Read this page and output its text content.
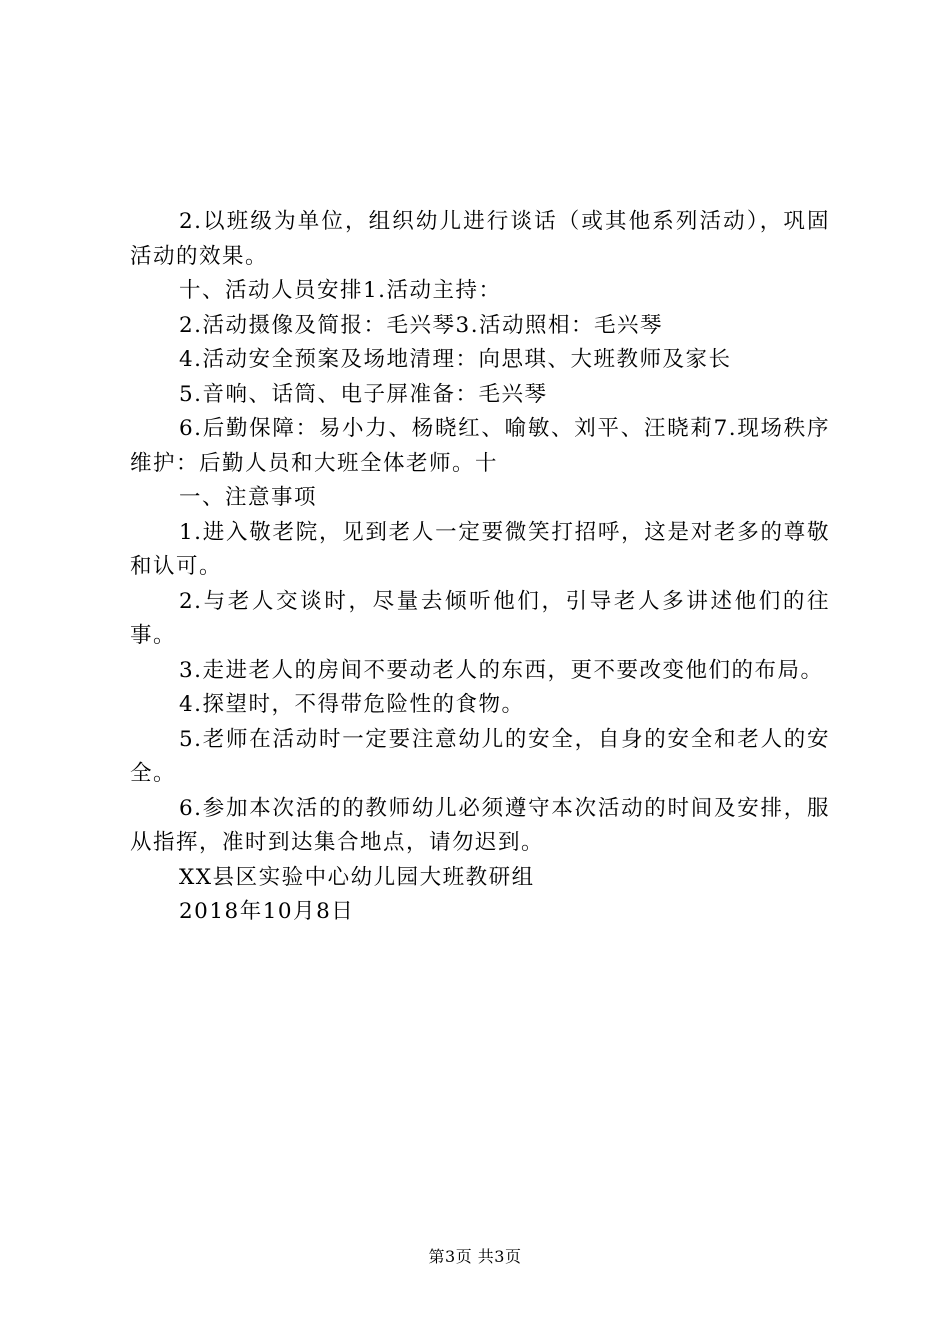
2.以班级为单位，组织幼儿进行谈话（或其他系列活动），巩固活动的效果。

十、活动人员安排1.活动主持：

2.活动摄像及简报：毛兴琴3.活动照相：毛兴琴

4.活动安全预案及场地清理：向思琪、大班教师及家长

5.音响、话筒、电子屏准备：毛兴琴

6.后勤保障：易小力、杨晓红、喻敏、刘平、汪晓莉7.现场秩序维护：后勤人员和大班全体老师。十

一、注意事项

1.进入敬老院，见到老人一定要微笑打招呼，这是对老多的尊敬和认可。

2.与老人交谈时，尽量去倾听他们，引导老人多讲述他们的往事。

3.走进老人的房间不要动老人的东西，更不要改变他们的布局。

4.探望时，不得带危险性的食物。

5.老师在活动时一定要注意幼儿的安全，自身的安全和老人的安全。

6.参加本次活的的教师幼儿必须遵守本次活动的时间及安排，服从指挥，准时到达集合地点，请勿迟到。

XX县区实验中心幼儿园大班教研组

2018年10月8日

第3页 共3页
